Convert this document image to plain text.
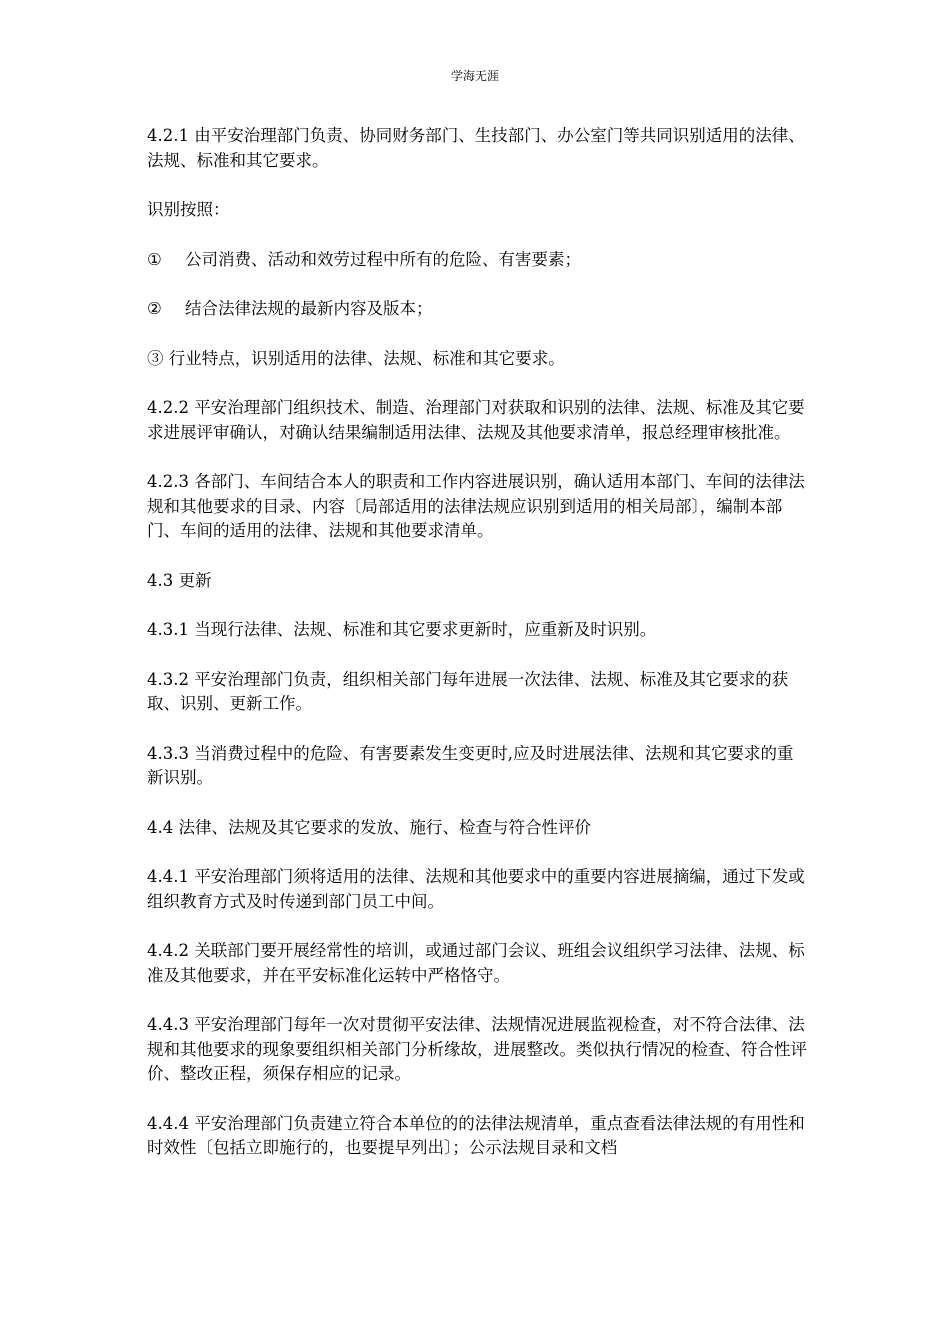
学海无涯

4.2.1 由平安治理部门负责、协同财务部门、生技部门、办公室门等共同识别适用的法律、法规、标准和其它要求。

识别按照：

① 公司消费、活动和效劳过程中所有的危险、有害要素；

② 结合法律法规的最新内容及版本；

③ 行业特点，识别适用的法律、法规、标准和其它要求。

4.2.2 平安治理部门组织技术、制造、治理部门对获取和识别的法律、法规、标准及其它要求进展评审确认，对确认结果编制适用法律、法规及其他要求清单，报总经理审核批准。

4.2.3 各部门、车间结合本人的职责和工作内容进展识别，确认适用本部门、车间的法律法规和其他要求的目录、内容〔局部适用的法律法规应识别到适用的相关局部〕，编制本部门、车间的适用的法律、法规和其他要求清单。

4.3 更新

4.3.1 当现行法律、法规、标准和其它要求更新时，应重新及时识别。

4.3.2 平安治理部门负责，组织相关部门每年进展一次法律、法规、标准及其它要求的获取、识别、更新工作。

4.3.3 当消费过程中的危险、有害要素发生变更时,应及时进展法律、法规和其它要求的重新识别。

4.4 法律、法规及其它要求的发放、施行、检查与符合性评价

4.4.1 平安治理部门须将适用的法律、法规和其他要求中的重要内容进展摘编，通过下发或组织教育方式及时传递到部门员工中间。

4.4.2 关联部门要开展经常性的培训，或通过部门会议、班组会议组织学习法律、法规、标准及其他要求，并在平安标准化运转中严格恪守。

4.4.3 平安治理部门每年一次对贯彻平安法律、法规情况进展监视检查，对不符合法律、法规和其他要求的现象要组织相关部门分析缘故，进展整改。类似执行情况的检查、符合性评价、整改正程，须保存相应的记录。

4.4.4 平安治理部门负责建立符合本单位的的法律法规清单，重点查看法律法规的有用性和时效性〔包括立即施行的，也要提早列出〕；公示法规目录和文档
